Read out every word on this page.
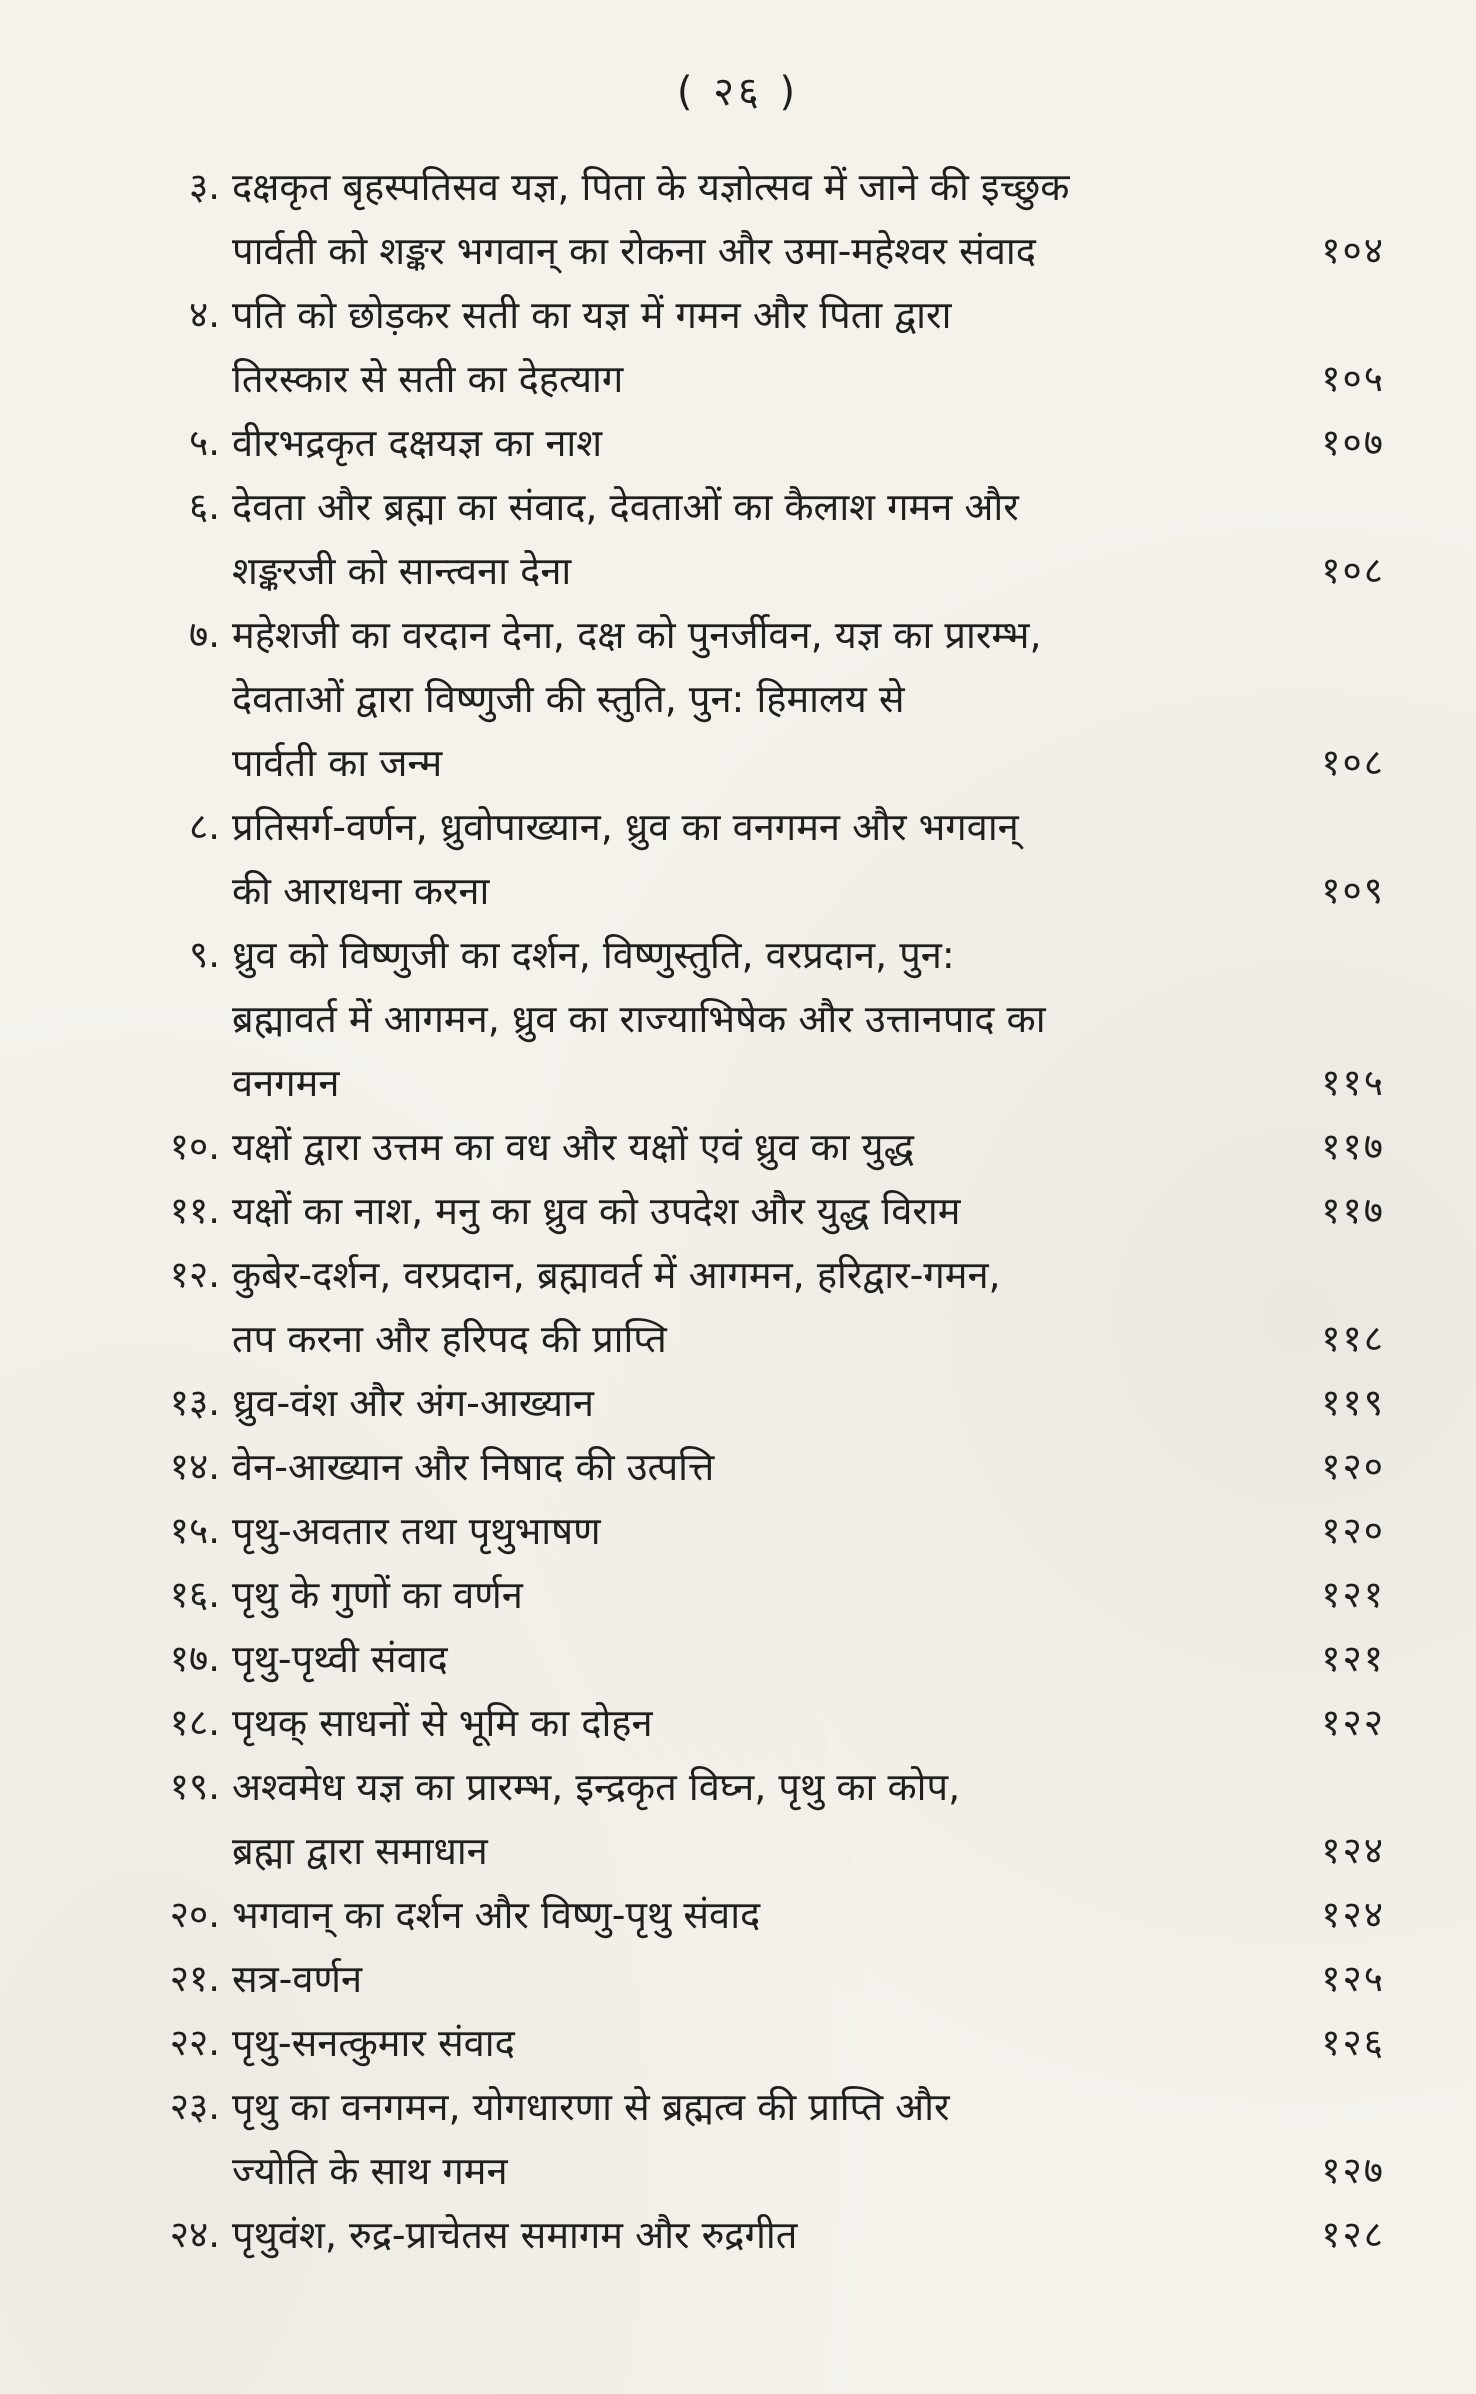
( २६ )
३. दक्षकृत बृहस्पतिसव यज्ञ, पिता के यज्ञोत्सव में जाने की इच्छुक
पार्वती को शङ्कर भगवान् का रोकना और उमा-महेश्वर संवाद	१०४
४. पति को छोड़कर सती का यज्ञ में गमन और पिता द्वारा
तिरस्कार से सती का देहत्याग	१०५
५. वीरभद्रकृत दक्षयज्ञ का नाश	१०७
६. देवता और ब्रह्मा का संवाद, देवताओं का कैलाश गमन और
शङ्करजी को सान्त्वना देना	१०८
७. महेशजी का वरदान देना, दक्ष को पुनर्जीवन, यज्ञ का प्रारम्भ,
देवताओं द्वारा विष्णुजी की स्तुति, पुन: हिमालय से
पार्वती का जन्म	१०८
८. प्रतिसर्ग-वर्णन, ध्रुवोपाख्यान, ध्रुव का वनगमन और भगवान्
की आराधना करना	१०९
९. ध्रुव को विष्णुजी का दर्शन, विष्णुस्तुति, वरप्रदान, पुन:
ब्रह्मावर्त में आगमन, ध्रुव का राज्याभिषेक और उत्तानपाद का
वनगमन	११५
१०. यक्षों द्वारा उत्तम का वध और यक्षों एवं ध्रुव का युद्ध	११७
११. यक्षों का नाश, मनु का ध्रुव को उपदेश और युद्ध विराम	११७
१२. कुबेर-दर्शन, वरप्रदान, ब्रह्मावर्त में आगमन, हरिद्वार-गमन,
तप करना और हरिपद की प्राप्ति	११८
१३. ध्रुव-वंश और अंग-आख्यान	११९
१४. वेन-आख्यान और निषाद की उत्पत्ति	१२०
१५. पृथु-अवतार तथा पृथुभाषण	१२०
१६. पृथु के गुणों का वर्णन	१२१
१७. पृथु-पृथ्वी संवाद	१२१
१८. पृथक् साधनों से भूमि का दोहन	१२२
१९. अश्वमेध यज्ञ का प्रारम्भ, इन्द्रकृत विघ्न, पृथु का कोप,
ब्रह्मा द्वारा समाधान	१२४
२०. भगवान् का दर्शन और विष्णु-पृथु संवाद	१२४
२१. सत्र-वर्णन	१२५
२२. पृथु-सनत्कुमार संवाद	१२६
२३. पृथु का वनगमन, योगधारणा से ब्रह्मत्व की प्राप्ति और
ज्योति के साथ गमन	१२७
२४. पृथुवंश, रुद्र-प्राचेतस समागम और रुद्रगीत	१२८
